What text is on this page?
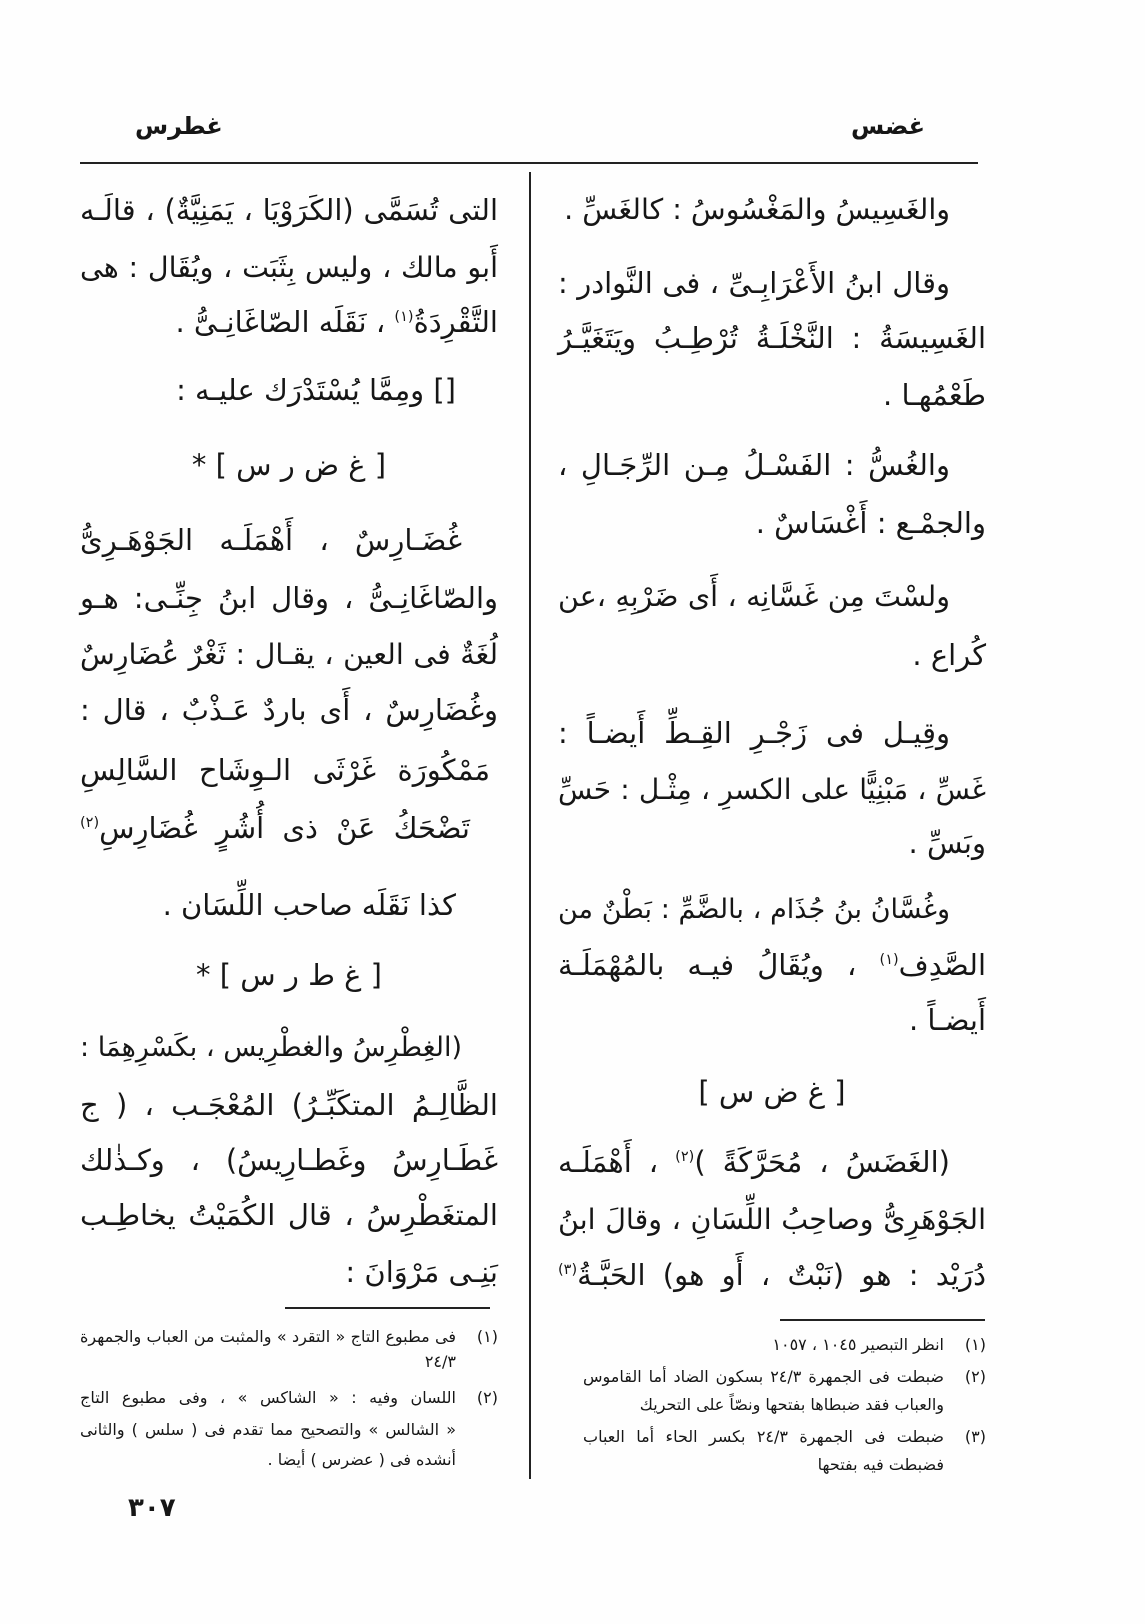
غضس
غطرس
والغَسِيسُ والمَغْسُوسُ : كالغَسِّ .
وقال ابنُ الأَعْرَابِـىِّ ، فى النَّوادر :
الغَسِيسَةُ : النَّخْلَـةُ تُرْطِـبُ ويَتَغَيَّـرُ
طَعْمُهـا .
والغُسُّ : الفَسْـلُ مِـن الرِّجَـالِ ،
والجمْـع : أَغْسَاسٌ .
ولسْتَ مِن غَسَّانِه ، أَى ضَرْبِهِ ،عن
كُراع .
وقِيـل فى زَجْـرِ القِـطِّ أَيضـاً :
غَسِّ ، مَبْنِيًّا على الكسرِ ، مِثْـل : حَسِّ
وبَسِّ .
وغُسَّانُ بنُ جُذَام ، بالضَّمِّ : بَطْنٌ من
الصَّدِف$^{(١)}$ ، ويُقَالُ فيـه بالمُهْمَلَـة
أَيضـاً .
[ غ ض س ]
(الغَضَسُ ، مُحَرَّكَةً )$^{(٢)}$ ، أَهْمَلَـه
الجَوْهَرِىُّ وصاحِبُ اللِّسَانِ ، وقالَ ابنُ
دُرَيْد : هو (نَبْتٌ ، أَو هو) الحَبَّـةُ$^{(٣)}$
(١)انظر التبصير ١٠٤٥ ، ١٠٥٧
(٢)ضبطت فى الجمهرة ٢٤/٣ بسكون الضاد أما القاموس
والعباب فقد ضبطاها بفتحها ونصّاً على التحريك
(٣)ضبطت فى الجمهرة ٢٤/٣ بكسر الحاء أما العباب
فضبطت فيه بفتحها
التى تُسَمَّى (الكَرَوْيَا ، يَمَنِيَّةٌ) ، قالَـه
أَبو مالك ، وليس بِثَبَت ، ويُقَال : هى
التَّقْرِدَةُ$^{(١)}$ ، نَقَلَه الصّاغَانِـىُّ .
[] ومِمَّا يُسْتَدْرَك عليـه :
[ غ ض ر س ] *
غُضَـارِسٌ ، أَهْمَلَـه الجَوْهَـرِىُّ
والصّاغَانِـىُّ ، وقال ابنُ جِنِّـى: هـو
لُغَةٌ فى العين ، يقـال : ثَغْرٌ عُضَارِسٌ
وغُضَارِسٌ ، أَى باردٌ عَـذْبٌ ، قال :
مَمْكُورَة غَرْثَى الـوِشَاح السَّالِسِ
تَضْحَكُ عَنْ ذى أُشُرٍ غُضَارِسِ$^{(٢)}$
كذا نَقَلَه صاحب اللِّسَان .
[ غ ط ر س ] *
(الغِطْرِسُ والغطْرِيس ، بكَسْرِهِمَا :
الظَّالِـمُ المتكَبِّـرُ) المُعْجَـب ، ( ج
غَطَـارِسُ وغَطـارِيسُ) ، وكـذٰلك
المتغَطْرِسُ ، قال الكُمَيْتُ يخاطِـب
بَنِـى مَرْوَانَ :
(١)فى مطبوع التاج « التقرد » والمثبت من العباب والجمهرة
٢٤/٣
(٢)اللسان وفيه : « الشاكس » ، وفى مطبوع التاج
« الشالس » والتصحيح مما تقدم فى ( سلس ) والثانى
أنشده فى ( عضرس ) أيضا .
٣٠٧
